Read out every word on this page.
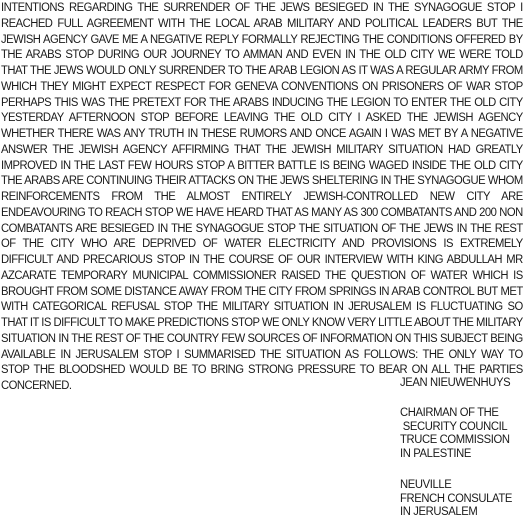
INTENTIONS REGARDING THE SURRENDER OF THE JEWS BESIEGED IN THE SYNAGOGUE STOP I REACHED FULL AGREEMENT WITH THE LOCAL ARAB MILITARY AND POLITICAL LEADERS BUT THE JEWISH AGENCY GAVE ME A NEGATIVE REPLY FORMALLY REJECTING THE CONDITIONS OFFERED BY THE ARABS STOP DURING OUR JOURNEY TO AMMAN AND EVEN IN THE OLD CITY WE WERE TOLD THAT THE JEWS WOULD ONLY SURRENDER TO THE ARAB LEGION AS IT WAS A REGULAR ARMY FROM WHICH THEY MIGHT EXPECT RESPECT FOR GENEVA CONVENTIONS ON PRISONERS OF WAR STOP PERHAPS THIS WAS THE PRETEXT FOR THE ARABS INDUCING THE LEGION TO ENTER THE OLD CITY YESTERDAY AFTERNOON STOP BEFORE LEAVING THE OLD CITY I ASKED THE JEWISH AGENCY WHETHER THERE WAS ANY TRUTH IN THESE RUMORS AND ONCE AGAIN I WAS MET BY A NEGATIVE ANSWER THE JEWISH AGENCY AFFIRMING THAT THE JEWISH MILITARY SITUATION HAD GREATLY IMPROVED IN THE LAST FEW HOURS STOP A BITTER BATTLE IS BEING WAGED INSIDE THE OLD CITY THE ARABS ARE CONTINUING THEIR ATTACKS ON THE JEWS SHELTERING IN THE SYNAGOGUE WHOM REINFORCEMENTS FROM THE ALMOST ENTIRELY JEWISH-CONTROLLED NEW CITY ARE ENDEAVOURING TO REACH STOP WE HAVE HEARD THAT AS MANY AS 300 COMBATANTS AND 200 NON COMBATANTS ARE BESIEGED IN THE SYNAGOGUE STOP THE SITUATION OF THE JEWS IN THE REST OF THE CITY WHO ARE DEPRIVED OF WATER ELECTRICITY AND PROVISIONS IS EXTREMELY DIFFICULT AND PRECARIOUS STOP IN THE COURSE OF OUR INTERVIEW WITH KING ABDULLAH MR AZCARATE TEMPORARY MUNICIPAL COMMISSIONER RAISED THE QUESTION OF WATER WHICH IS BROUGHT FROM SOME DISTANCE AWAY FROM THE CITY FROM SPRINGS IN ARAB CONTROL BUT MET WITH CATEGORICAL REFUSAL STOP THE MILITARY SITUATION IN JERUSALEM IS FLUCTUATING SO THAT IT IS DIFFICULT TO MAKE PREDICTIONS STOP WE ONLY KNOW VERY LITTLE ABOUT THE MILITARY SITUATION IN THE REST OF THE COUNTRY FEW SOURCES OF INFORMATION ON THIS SUBJECT BEING AVAILABLE IN JERUSALEM STOP I SUMMARISED THE SITUATION AS FOLLOWS: THE ONLY WAY TO STOP THE BLOODSHED WOULD BE TO BRING STRONG PRESSURE TO BEAR ON ALL THE PARTIES CONCERNED.	JEAN NIEUWENHUYS
CHAIRMAN OF THE
SECURITY COUNCIL
TRUCE COMMISSION
IN PALESTINE
NEUVILLE
FRENCH CONSULATE
IN JERUSALEM
